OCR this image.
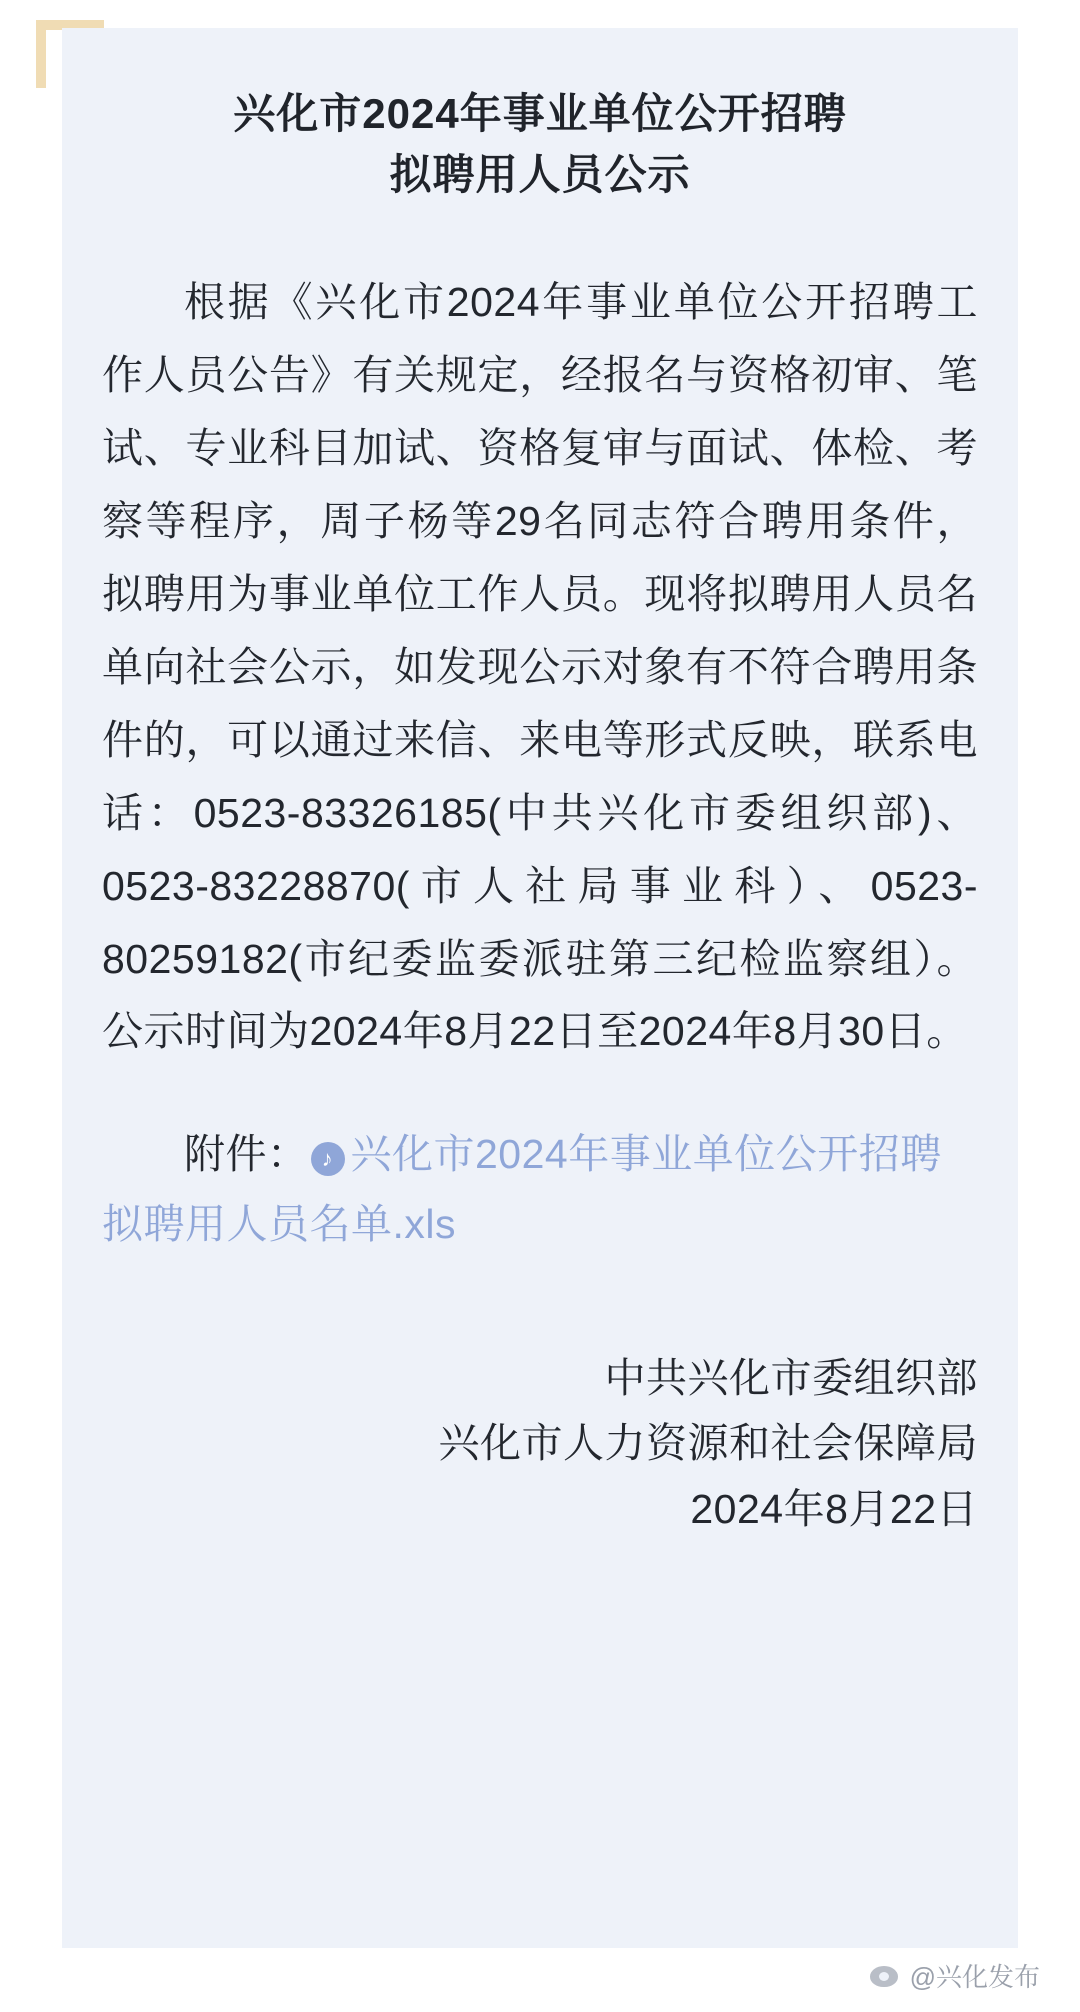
兴化市2024年事业单位公开招聘
拟聘用人员公示

根据《兴化市2024年事业单位公开招聘工作人员公告》有关规定，经报名与资格初审、笔试、专业科目加试、资格复审与面试、体检、考察等程序，周子杨等29名同志符合聘用条件，拟聘用为事业单位工作人员。现将拟聘用人员名单向社会公示，如发现公示对象有不符合聘用条件的，可以通过来信、来电等形式反映，联系电话：0523-83326185(中共兴化市委组织部)、0523-83228870(市人社局事业科）、0523-80259182(市纪委监委派驻第三纪检监察组）。公示时间为2024年8月22日至2024年8月30日。

附件： ♪ 兴化市2024年事业单位公开招聘拟聘用人员名单.xls
中共兴化市委组织部
兴化市人力资源和社会保障局
2024年8月22日
@兴化发布
